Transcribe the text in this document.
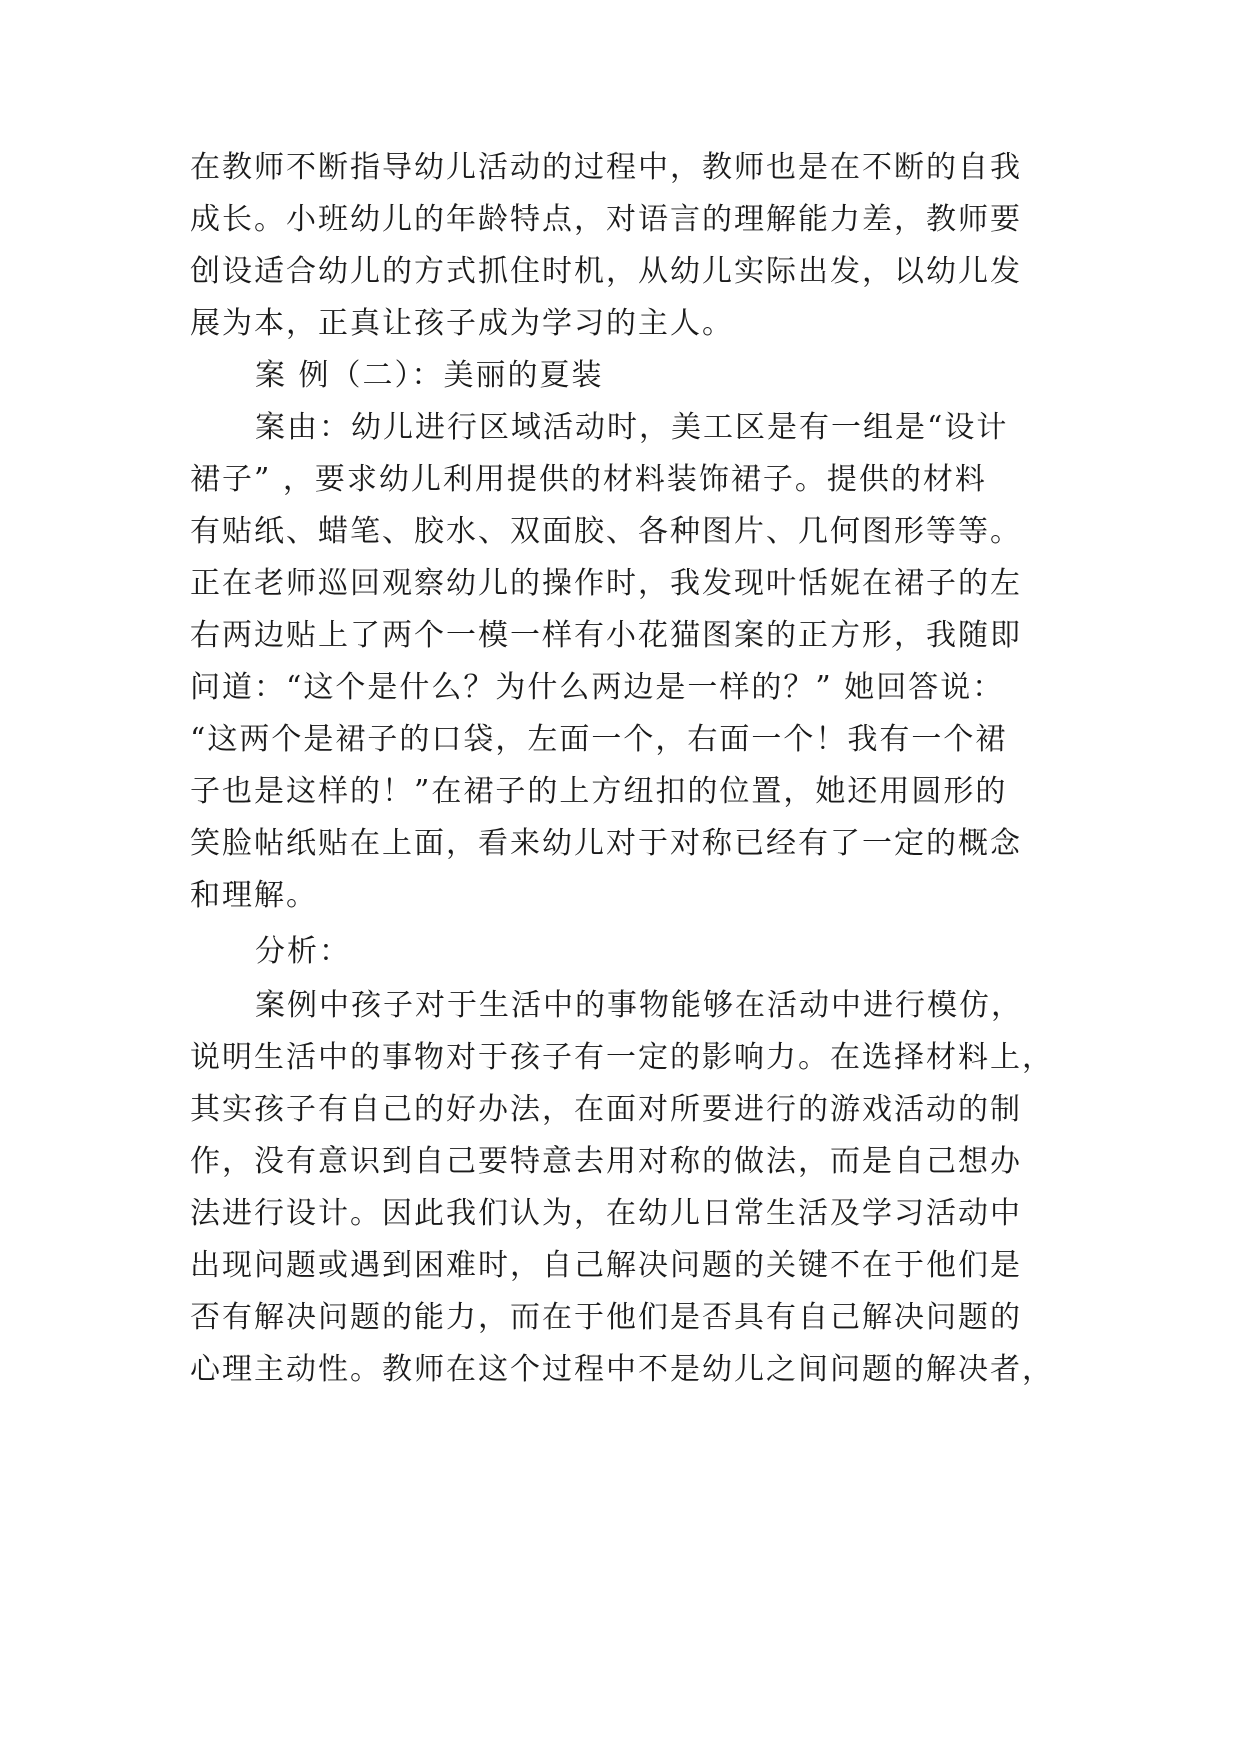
在教师不断指导幼儿活动的过程中，教师也是在不断的自我
成长。小班幼儿的年龄特点，对语言的理解能力差，教师要
创设适合幼儿的方式抓住时机，从幼儿实际出发，以幼儿发
展为本，正真让孩子成为学习的主人。
案 例（二）：美丽的夏装
案由：幼儿进行区域活动时，美工区是有一组是“设计
裙子” ，要求幼儿利用提供的材料装饰裙子。提供的材料
有贴纸、蜡笔、胶水、双面胶、各种图片、几何图形等等。
正在老师巡回观察幼儿的操作时，我发现叶恬妮在裙子的左
右两边贴上了两个一模一样有小花猫图案的正方形，我随即
问道：“这个是什么？为什么两边是一样的？” 她回答说：
“这两个是裙子的口袋，左面一个，右面一个！我有一个裙
子也是这样的！”在裙子的上方纽扣的位置，她还用圆形的
笑脸帖纸贴在上面，看来幼儿对于对称已经有了一定的概念
和理解。
分析：
案例中孩子对于生活中的事物能够在活动中进行模仿，
说明生活中的事物对于孩子有一定的影响力。在选择材料上，
其实孩子有自己的好办法，在面对所要进行的游戏活动的制
作，没有意识到自己要特意去用对称的做法，而是自己想办
法进行设计。因此我们认为，在幼儿日常生活及学习活动中
出现问题或遇到困难时，自己解决问题的关键不在于他们是
否有解决问题的能力，而在于他们是否具有自己解决问题的
心理主动性。教师在这个过程中不是幼儿之间问题的解决者，
